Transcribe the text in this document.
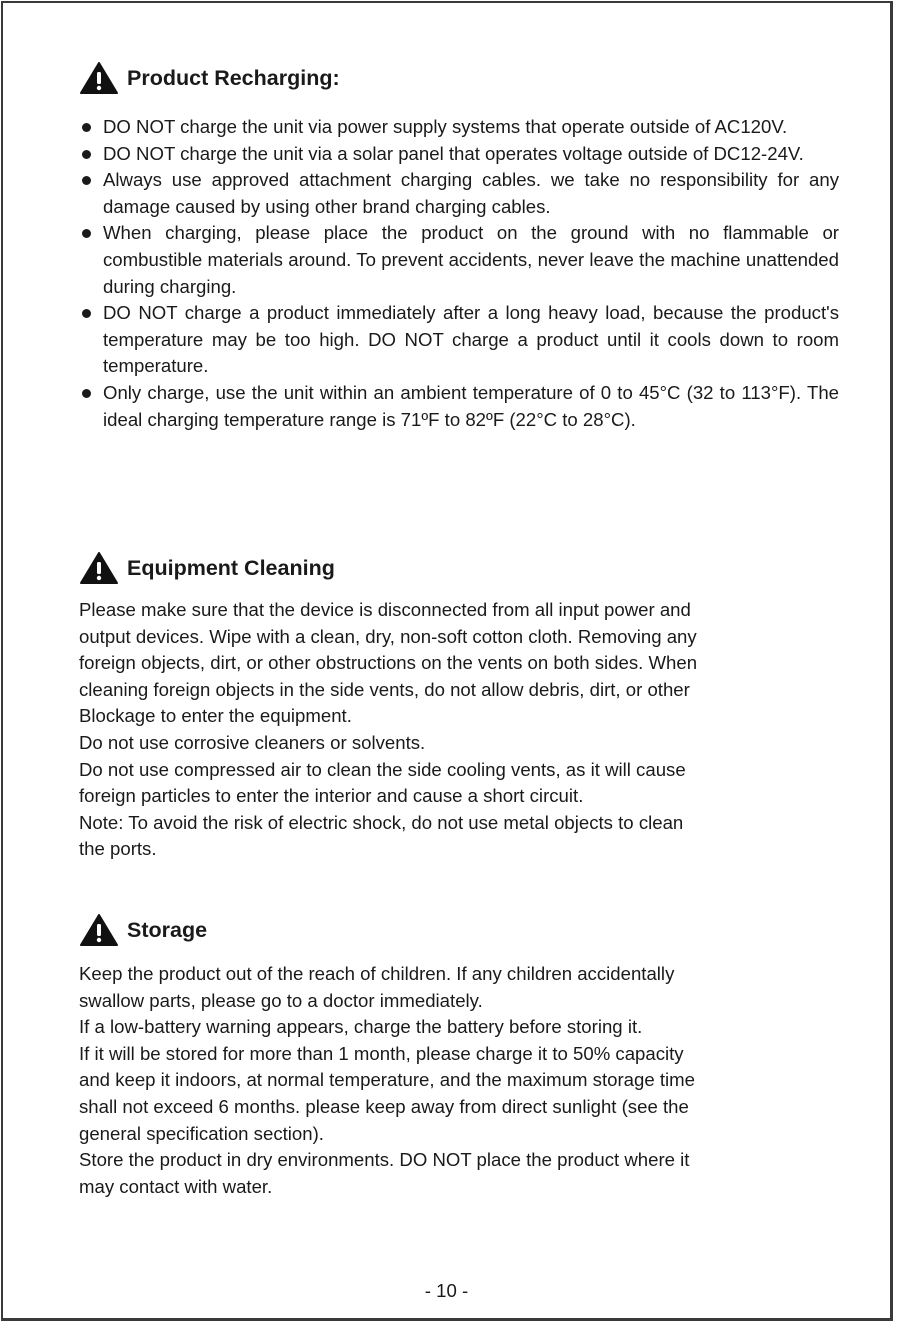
Product Recharging:
DO NOT charge the unit via power supply systems that operate outside of AC120V.
DO NOT charge the unit via a solar panel that operates voltage outside of DC12-24V.
Always use approved attachment charging cables. we take no responsibility for any damage caused by using other brand charging cables.
When charging, please place the product on the ground with no flammable or combustible materials around. To prevent accidents, never leave the machine unattended during charging.
DO NOT charge a product immediately after a long heavy load, because the product's temperature may be too high. DO NOT charge a product until it cools down to room temperature.
Only charge, use the unit within an ambient temperature of 0 to 45°C (32 to 113°F). The ideal charging temperature range is 71ºF to 82ºF (22°C to 28°C).
Equipment Cleaning

Please make sure that the device is disconnected from all input power and

output devices. Wipe with a clean, dry, non-soft cotton cloth. Removing any

foreign objects, dirt, or other obstructions on the vents on both sides. When

cleaning foreign objects in the side vents, do not allow debris, dirt, or other

Blockage to enter the equipment.

Do not use corrosive cleaners or solvents.

Do not use compressed air to clean the side cooling vents, as it will cause

foreign particles to enter the interior and cause a short circuit.

Note: To avoid the risk of electric shock, do not use metal objects to clean

the ports.

Storage

Keep the product out of the reach of children. If any children accidentally

swallow parts, please go to a doctor immediately.

If a low-battery warning appears, charge the battery before storing it.

If it will be stored for more than 1 month, please charge it to 50% capacity

and keep it indoors, at normal temperature, and the maximum storage time

shall not exceed 6 months. please keep away from direct sunlight (see the

general specification section).

Store the product in dry environments. DO NOT place the product where it

may contact with water.

- 10 -
